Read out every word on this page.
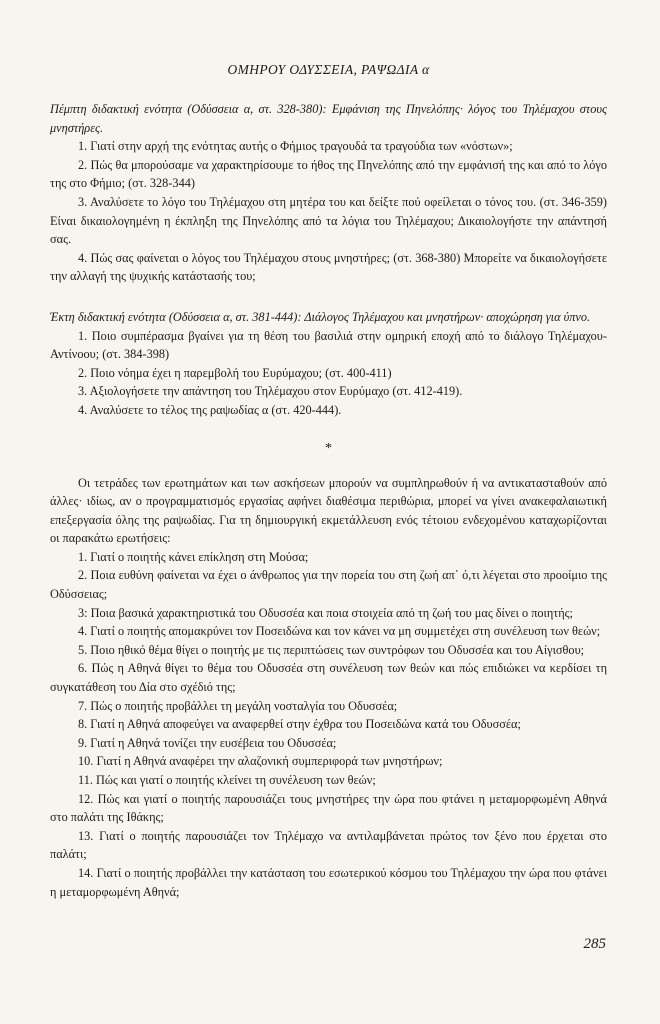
ΟΜΗΡΟΥ ΟΔΥΣΣΕΙΑ, ΡΑΨΩΔΙΑ α

Πέμπτη διδακτική ενότητα (Οδύσσεια α, στ. 328-380): Εμφάνιση της Πηνελόπης· λόγος του Τηλέμαχου στους μνηστήρες.

1. Γιατί στην αρχή της ενότητας αυτής ο Φήμιος τραγουδά τα τραγούδια των «νόστων»;

2. Πώς θα μπορούσαμε να χαρακτηρίσουμε το ήθος της Πηνελόπης από την εμφάνισή της και από το λόγο της στο Φήμιο; (στ. 328-344)

3. Αναλύσετε το λόγο του Τηλέμαχου στη μητέρα του και δείξτε πού οφείλεται ο τόνος του. (στ. 346-359) Είναι δικαιολογημένη η έκπληξη της Πηνελόπης από τα λόγια του Τηλέμαχου; Δικαιολογήστε την απάντησή σας.

4. Πώς σας φαίνεται ο λόγος του Τηλέμαχου στους μνηστήρες; (στ. 368-380) Μπορείτε να δικαιολογήσετε την αλλαγή της ψυχικής κατάστασής του;

Έκτη διδακτική ενότητα (Οδύσσεια α, στ. 381-444): Διάλογος Τηλέμαχου και μνηστήρων· αποχώρηση για ύπνο.

1. Ποιο συμπέρασμα βγαίνει για τη θέση του βασιλιά στην ομηρική εποχή από το διάλογο Τηλέμαχου-Αντίνοου; (στ. 384-398)

2. Ποιο νόημα έχει η παρεμβολή του Ευρύμαχου; (στ. 400-411)

3. Αξιολογήσετε την απάντηση του Τηλέμαχου στον Ευρύμαχο (στ. 412-419).

4. Αναλύσετε το τέλος της ραψωδίας α (στ. 420-444).

*

Οι τετράδες των ερωτημάτων και των ασκήσεων μπορούν να συμπληρωθούν ή να αντικατασταθούν από άλλες· ιδίως, αν ο προγραμματισμός εργασίας αφήνει διαθέσιμα περιθώρια, μπορεί να γίνει ανακεφαλαιωτική επεξεργασία όλης της ραψωδίας. Για τη δημιουργική εκμετάλλευση ενός τέτοιου ενδεχομένου καταχωρίζονται οι παρακάτω ερωτήσεις:

1. Γιατί ο ποιητής κάνει επίκληση στη Μούσα;

2. Ποια ευθύνη φαίνεται να έχει ο άνθρωπος για την πορεία του στη ζωή απ᾽ ό,τι λέγεται στο προοίμιο της Οδύσσειας;

3: Ποια βασικά χαρακτηριστικά του Οδυσσέα και ποια στοιχεία από τη ζωή του μας δίνει ο ποιητής;

4. Γιατί ο ποιητής απομακρύνει τον Ποσειδώνα και τον κάνει να μη συμμετέχει στη συνέλευση των θεών;

5. Ποιο ηθικό θέμα θίγει ο ποιητής με τις περιπτώσεις των συντρόφων του Οδυσσέα και του Αίγισθου;

6. Πώς η Αθηνά θίγει το θέμα του Οδυσσέα στη συνέλευση των θεών και πώς επιδιώκει να κερδίσει τη συγκατάθεση του Δία στο σχέδιό της;

7. Πώς ο ποιητής προβάλλει τη μεγάλη νοσταλγία του Οδυσσέα;

8. Γιατί η Αθηνά αποφεύγει να αναφερθεί στην έχθρα του Ποσειδώνα κατά του Οδυσσέα;

9. Γιατί η Αθηνά τονίζει την ευσέβεια του Οδυσσέα;

10. Γιατί η Αθηνά αναφέρει την αλαζονική συμπεριφορά των μνηστήρων;

11. Πώς και γιατί ο ποιητής κλείνει τη συνέλευση των θεών;

12. Πώς και γιατί ο ποιητής παρουσιάζει τους μνηστήρες την ώρα που φτάνει η μεταμορφωμένη Αθηνά στο παλάτι της Ιθάκης;

13. Γιατί ο ποιητής παρουσιάζει τον Τηλέμαχο να αντιλαμβάνεται πρώτος τον ξένο που έρχεται στο παλάτι;

14. Γιατί ο ποιητής προβάλλει την κατάσταση του εσωτερικού κόσμου του Τηλέμαχου την ώρα που φτάνει η μεταμορφωμένη Αθηνά;

285
